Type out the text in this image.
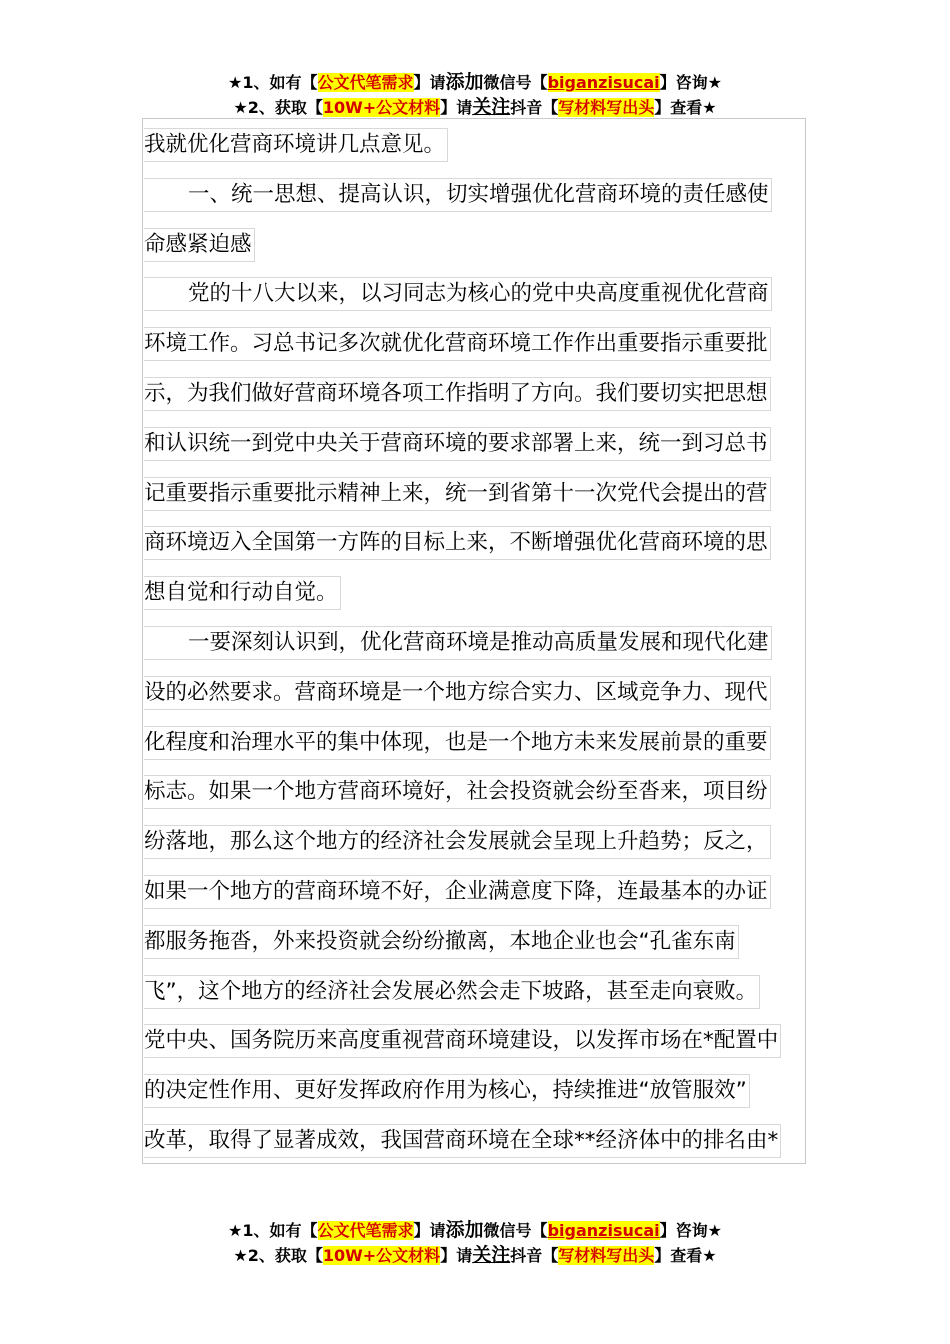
★1、如有【公文代笔需求】请添加微信号【biganzisucai】咨询★
★2、获取【10W+公文材料】请关注抖音【写材料写出头】查看★
我就优化营商环境讲几点意见。
一、统一思想、提高认识，切实增强优化营商环境的责任感使
命感紧迫感
党的十八大以来，以习同志为核心的党中央高度重视优化营商
环境工作。习总书记多次就优化营商环境工作作出重要指示重要批
示，为我们做好营商环境各项工作指明了方向。我们要切实把思想
和认识统一到党中央关于营商环境的要求部署上来，统一到习总书
记重要指示重要批示精神上来，统一到省第十一次党代会提出的营
商环境迈入全国第一方阵的目标上来，不断增强优化营商环境的思
想自觉和行动自觉。
一要深刻认识到，优化营商环境是推动高质量发展和现代化建
设的必然要求。营商环境是一个地方综合实力、区域竞争力、现代
化程度和治理水平的集中体现，也是一个地方未来发展前景的重要
标志。如果一个地方营商环境好，社会投资就会纷至沓来，项目纷
纷落地，那么这个地方的经济社会发展就会呈现上升趋势；反之，
如果一个地方的营商环境不好，企业满意度下降，连最基本的办证
都服务拖沓，外来投资就会纷纷撤离，本地企业也会“孔雀东南
飞”，这个地方的经济社会发展必然会走下坡路，甚至走向衰败。
党中央、国务院历来高度重视营商环境建设，以发挥市场在*配置中
的决定性作用、更好发挥政府作用为核心，持续推进“放管服效”
改革，取得了显著成效，我国营商环境在全球**经济体中的排名由*
★1、如有【公文代笔需求】请添加微信号【biganzisucai】咨询★
★2、获取【10W+公文材料】请关注抖音【写材料写出头】查看★
